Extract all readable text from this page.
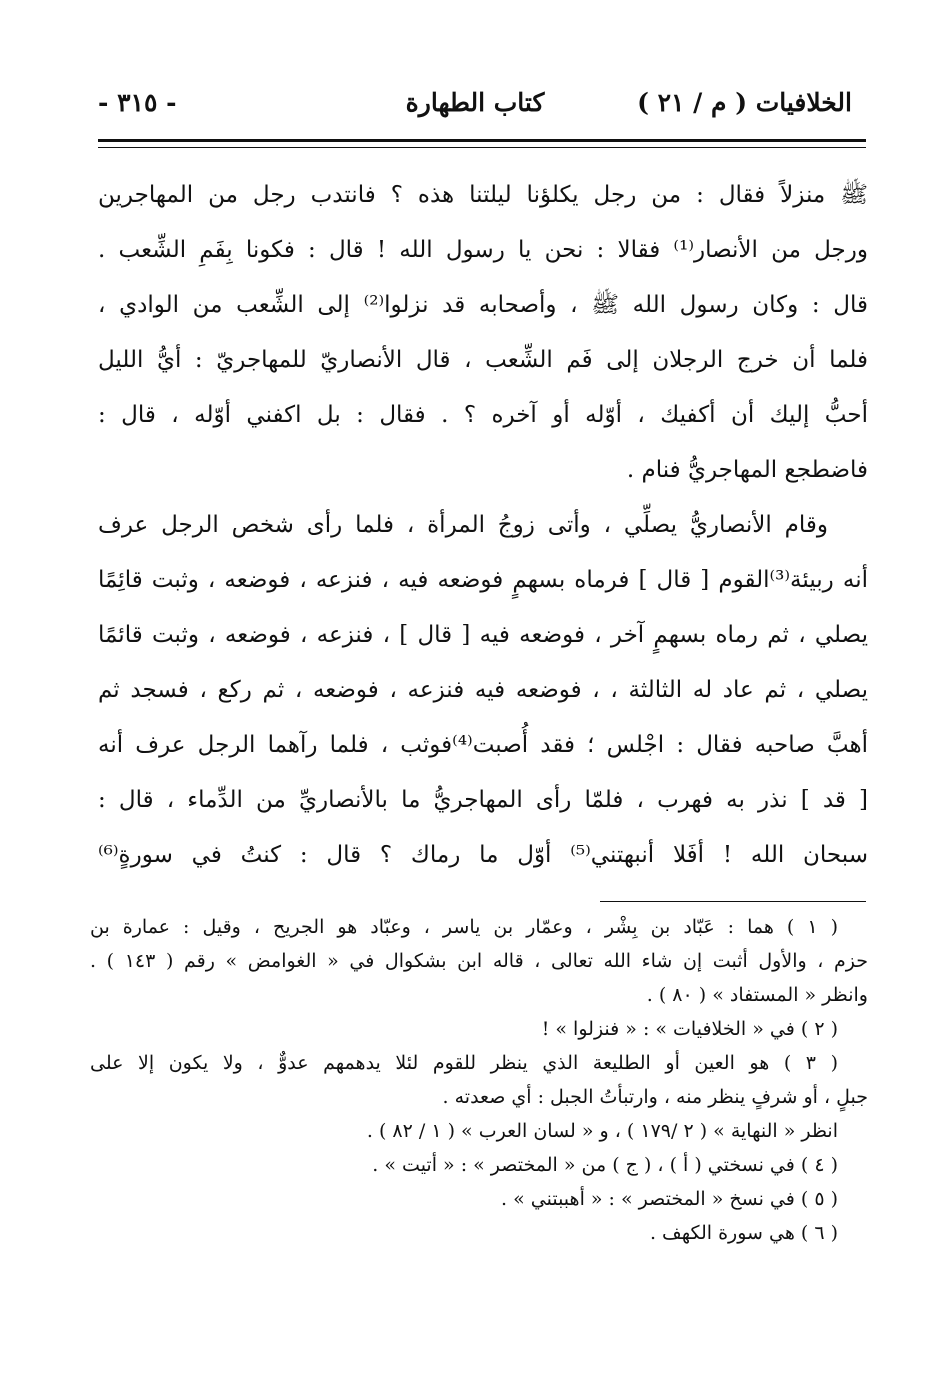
الخلافيات ( م / ٢١ )
كتاب الطهارة
- ٣١٥ -
ﷺ منزلاً فقال : من رجل يكلؤنا ليلتنا هذه ؟ فانتدب رجل من المهاجرين
ورجل من الأنصار⁽¹⁾ فقالا : نحن يا رسول الله ! قال : فكونا بِفَمِ الشِّعب .
قال : وكان رسول الله ﷺ ، وأصحابه قد نزلوا⁽²⁾ إلى الشِّعب من الوادي ،
فلما أن خرج الرجلان إلى فَم الشِّعب ، قال الأنصاريّ للمهاجريّ : أيُّ الليل
أحبُّ إليك أن أكفيك ، أوّله أو آخره ؟ . فقال : بل اكفني أوّله ، قال :
فاضطجع المهاجريُّ فنام .
وقام الأنصاريُّ يصلِّي ، وأتى زوجُ المرأة ، فلما رأى شخص الرجل عرف
أنه ربيئة⁽³⁾القوم [ قال ] فرماه بسهمٍ فوضعه فيه ، فنزعه ، فوضعه ، وثبت قائِمًا
يصلي ، ثم رماه بسهمٍ آخر ، فوضعه فيه [ قال ] ، فنزعه ، فوضعه ، وثبت قائمًا
يصلي ، ثم عاد له الثالثة ، ، فوضعه فيه فنزعه ، فوضعه ، ثم ركع ، فسجد ثم
أهبَّ صاحبه فقال : اجْلس ؛ فقد أُصبت⁽⁴⁾فوثب ، فلما رآهما الرجل عرف أنه
[ قد ] نذر به فهرب ، فلمّا رأى المهاجريُّ ما بالأنصاريِّ من الدِّماء ، قال :
سبحان الله ! أفَلا أنبهتني⁽⁵⁾ أوّل ما رماك ؟ قال : كنتُ في سورةٍ⁽⁶⁾
( ١ ) هما : عَبّاد بن بِشْر ، وعمّار بن ياسر ، وعبّاد هو الجريح ، وقيل : عمارة بن
حزم ، والأول أثبت إن شاء الله تعالى ، قاله ابن بشكوال في « الغوامض » رقم ( ١٤٣ ) .
وانظر « المستفاد » ( ٨٠ ) .
( ٢ ) في « الخلافيات » : « فنزلوا » !
( ٣ ) هو العين أو الطليعة الذي ينظر للقوم لئلا يدهمهم عدوٌّ ، ولا يكون إلا على
جبلٍ ، أو شرفٍ ينظر منه ، وارتبأتُ الجبل : أي صعدته .
انظر « النهاية » ( ٢ /١٧٩ ) ، و « لسان العرب » ( ١ / ٨٢ ) .
( ٤ ) في نسختي ( أ ) ، ( ج ) من « المختصر » : « أتيت » .
( ٥ ) في نسخ « المختصر » : « أهببتني » .
( ٦ ) هي سورة الكهف .
